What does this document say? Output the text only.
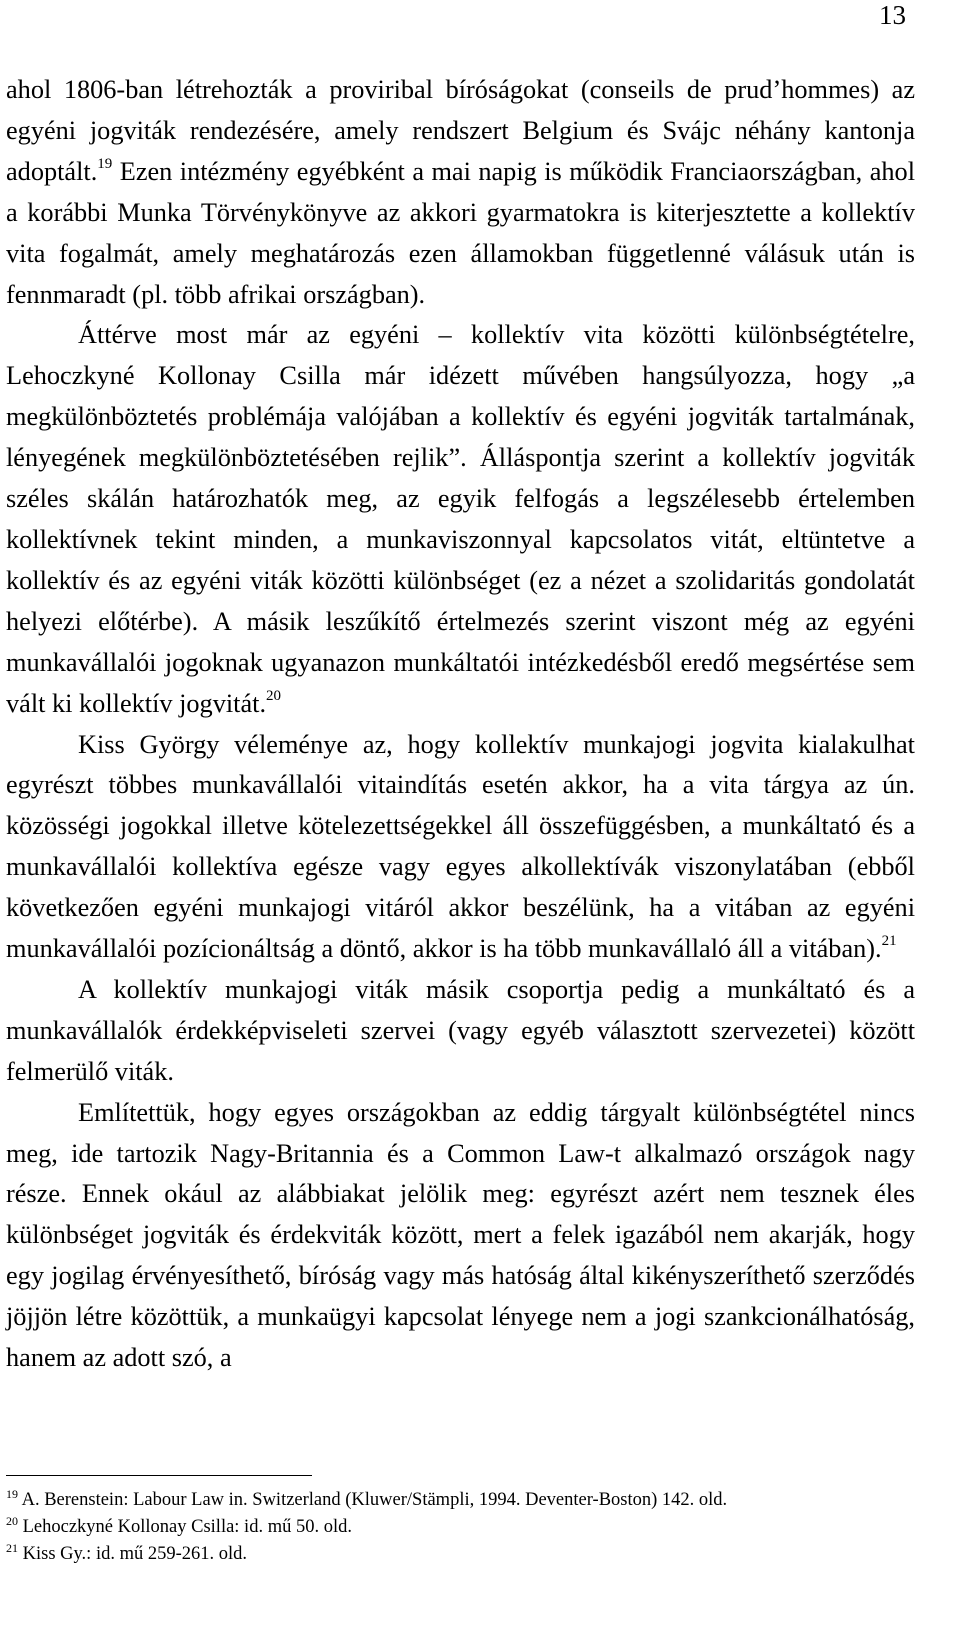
13

ahol 1806-ban létrehozták a proviribal bíróságokat (conseils de prud’hommes) az egyéni jogviták rendezésére, amely rendszert Belgium és Svájc néhány kantonja adoptált.$^{19}$ Ezen intézmény egyébként a mai napig is működik Franciaországban, ahol a korábbi Munka Törvénykönyve az akkori gyarmatokra is kiterjesztette a kollektív vita fogalmát, amely meghatározás ezen államokban függetlenné válásuk után is fennmaradt (pl. több afrikai országban).

Áttérve most már az egyéni – kollektív vita közötti különbségtételre, Lehoczkyné Kollonay Csilla már idézett művében hangsúlyozza, hogy „a megkülönböztetés problémája valójában a kollektív és egyéni jogviták tartalmának, lényegének megkülönböztetésében rejlik”. Álláspontja szerint a kollektív jogviták széles skálán határozhatók meg, az egyik felfogás a legszélesebb értelemben kollektívnek tekint minden, a munkaviszonnyal kapcsolatos vitát, eltüntetve a kollektív és az egyéni viták közötti különbséget (ez a nézet a szolidaritás gondolatát helyezi előtérbe). A másik leszűkítő értelmezés szerint viszont még az egyéni munkavállalói jogoknak ugyanazon munkáltatói intézkedésből eredő megsértése sem vált ki kollektív jogvitát.$^{20}$

Kiss György véleménye az, hogy kollektív munkajogi jogvita kialakulhat egyrészt többes munkavállalói vitaindítás esetén akkor, ha a vita tárgya az ún. közösségi jogokkal illetve kötelezettségekkel áll összefüggésben, a munkáltató és a munkavállalói kollektíva egésze vagy egyes alkollektívák viszonylatában (ebből következően egyéni munkajogi vitáról akkor beszélünk, ha a vitában az egyéni munkavállalói pozícionáltság a döntő, akkor is ha több munkavállaló áll a vitában).$^{21}$

A kollektív munkajogi viták másik csoportja pedig a munkáltató és a munkavállalók érdekképviseleti szervei (vagy egyéb választott szervezetei) között felmerülő viták.

Említettük, hogy egyes országokban az eddig tárgyalt különbségtétel nincs meg, ide tartozik Nagy-Britannia és a Common Law-t alkalmazó országok nagy része. Ennek okául az alábbiakat jelölik meg: egyrészt azért nem tesznek éles különbséget jogviták és érdekviták között, mert a felek igazából nem akarják, hogy egy jogilag érvényesíthető, bíróság vagy más hatóság által kikényszeríthető szerződés jöjjön létre közöttük, a munkaügyi kapcsolat lényege nem a jogi szankcionálhatóság, hanem az adott szó, a

$^{19}$ A. Berenstein: Labour Law in. Switzerland (Kluwer/Stämpli, 1994. Deventer-Boston) 142. old.

$^{20}$ Lehoczkyné Kollonay Csilla: id. mű 50. old.

$^{21}$ Kiss Gy.: id. mű 259-261. old.
